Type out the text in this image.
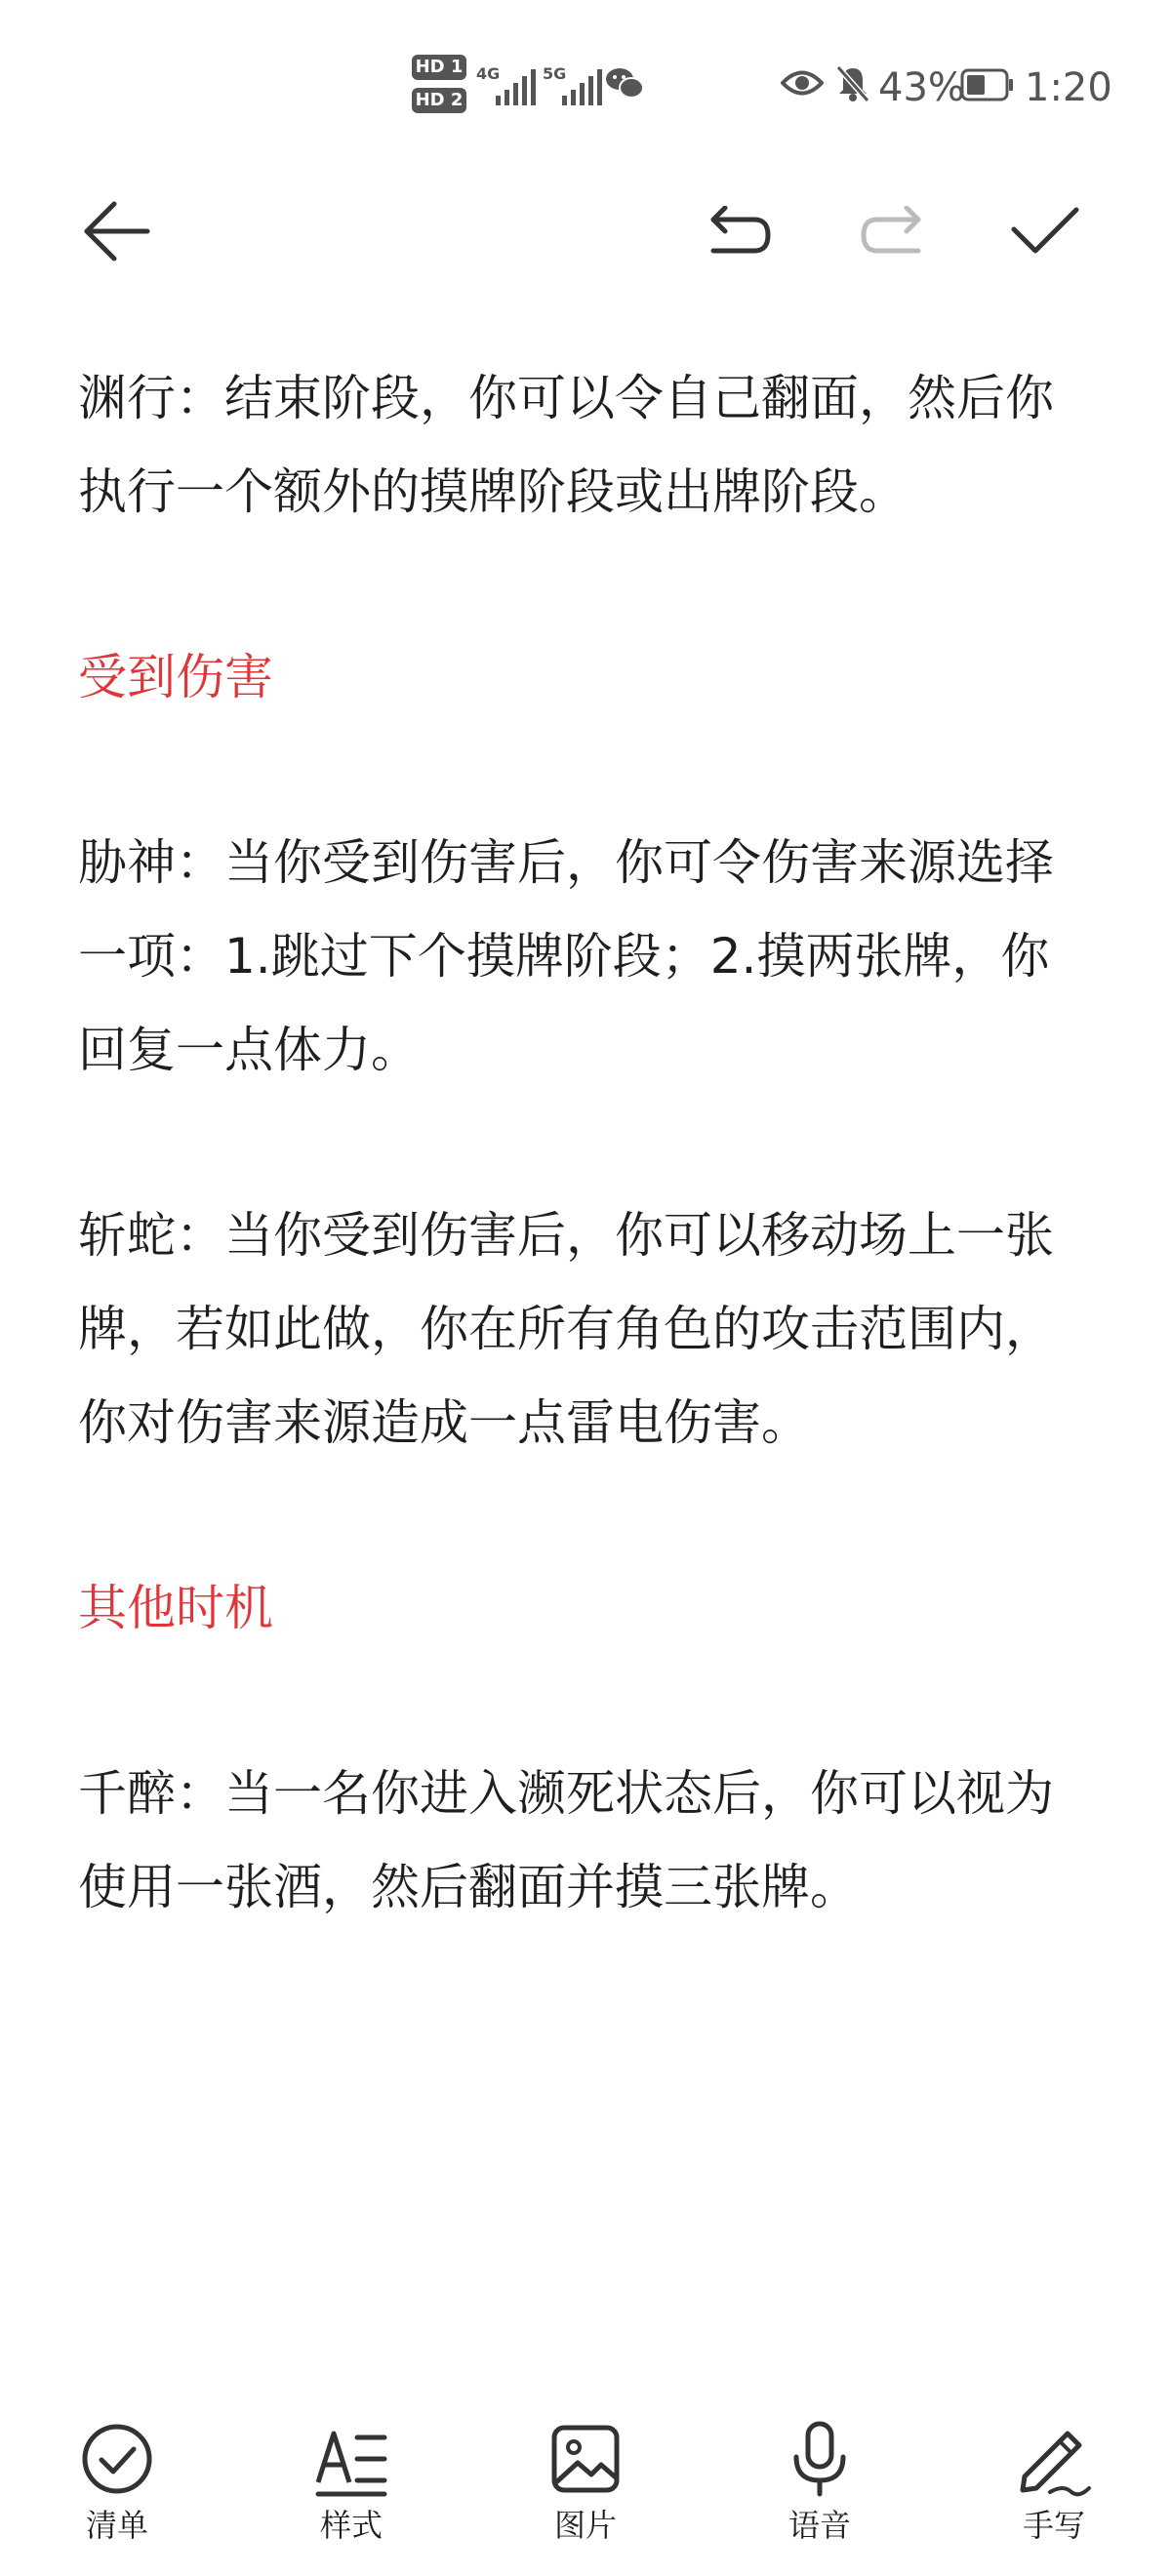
HD 1
HD 2
4G	5G	43% 1:20

渊行：结束阶段，你可以令自己翻面，然后你执行一个额外的摸牌阶段或出牌阶段。

受到伤害

胁神：当你受到伤害后，你可令伤害来源选择一项：1.跳过下个摸牌阶段；2.摸两张牌，你回复一点体力。

斩蛇：当你受到伤害后，你可以移动场上一张牌，若如此做，你在所有角色的攻击范围内，你对伤害来源造成一点雷电伤害。

其他时机

千醉：当一名你进入濒死状态后，你可以视为使用一张酒，然后翻面并摸三张牌。

清单	样式	图片	语音	手写
